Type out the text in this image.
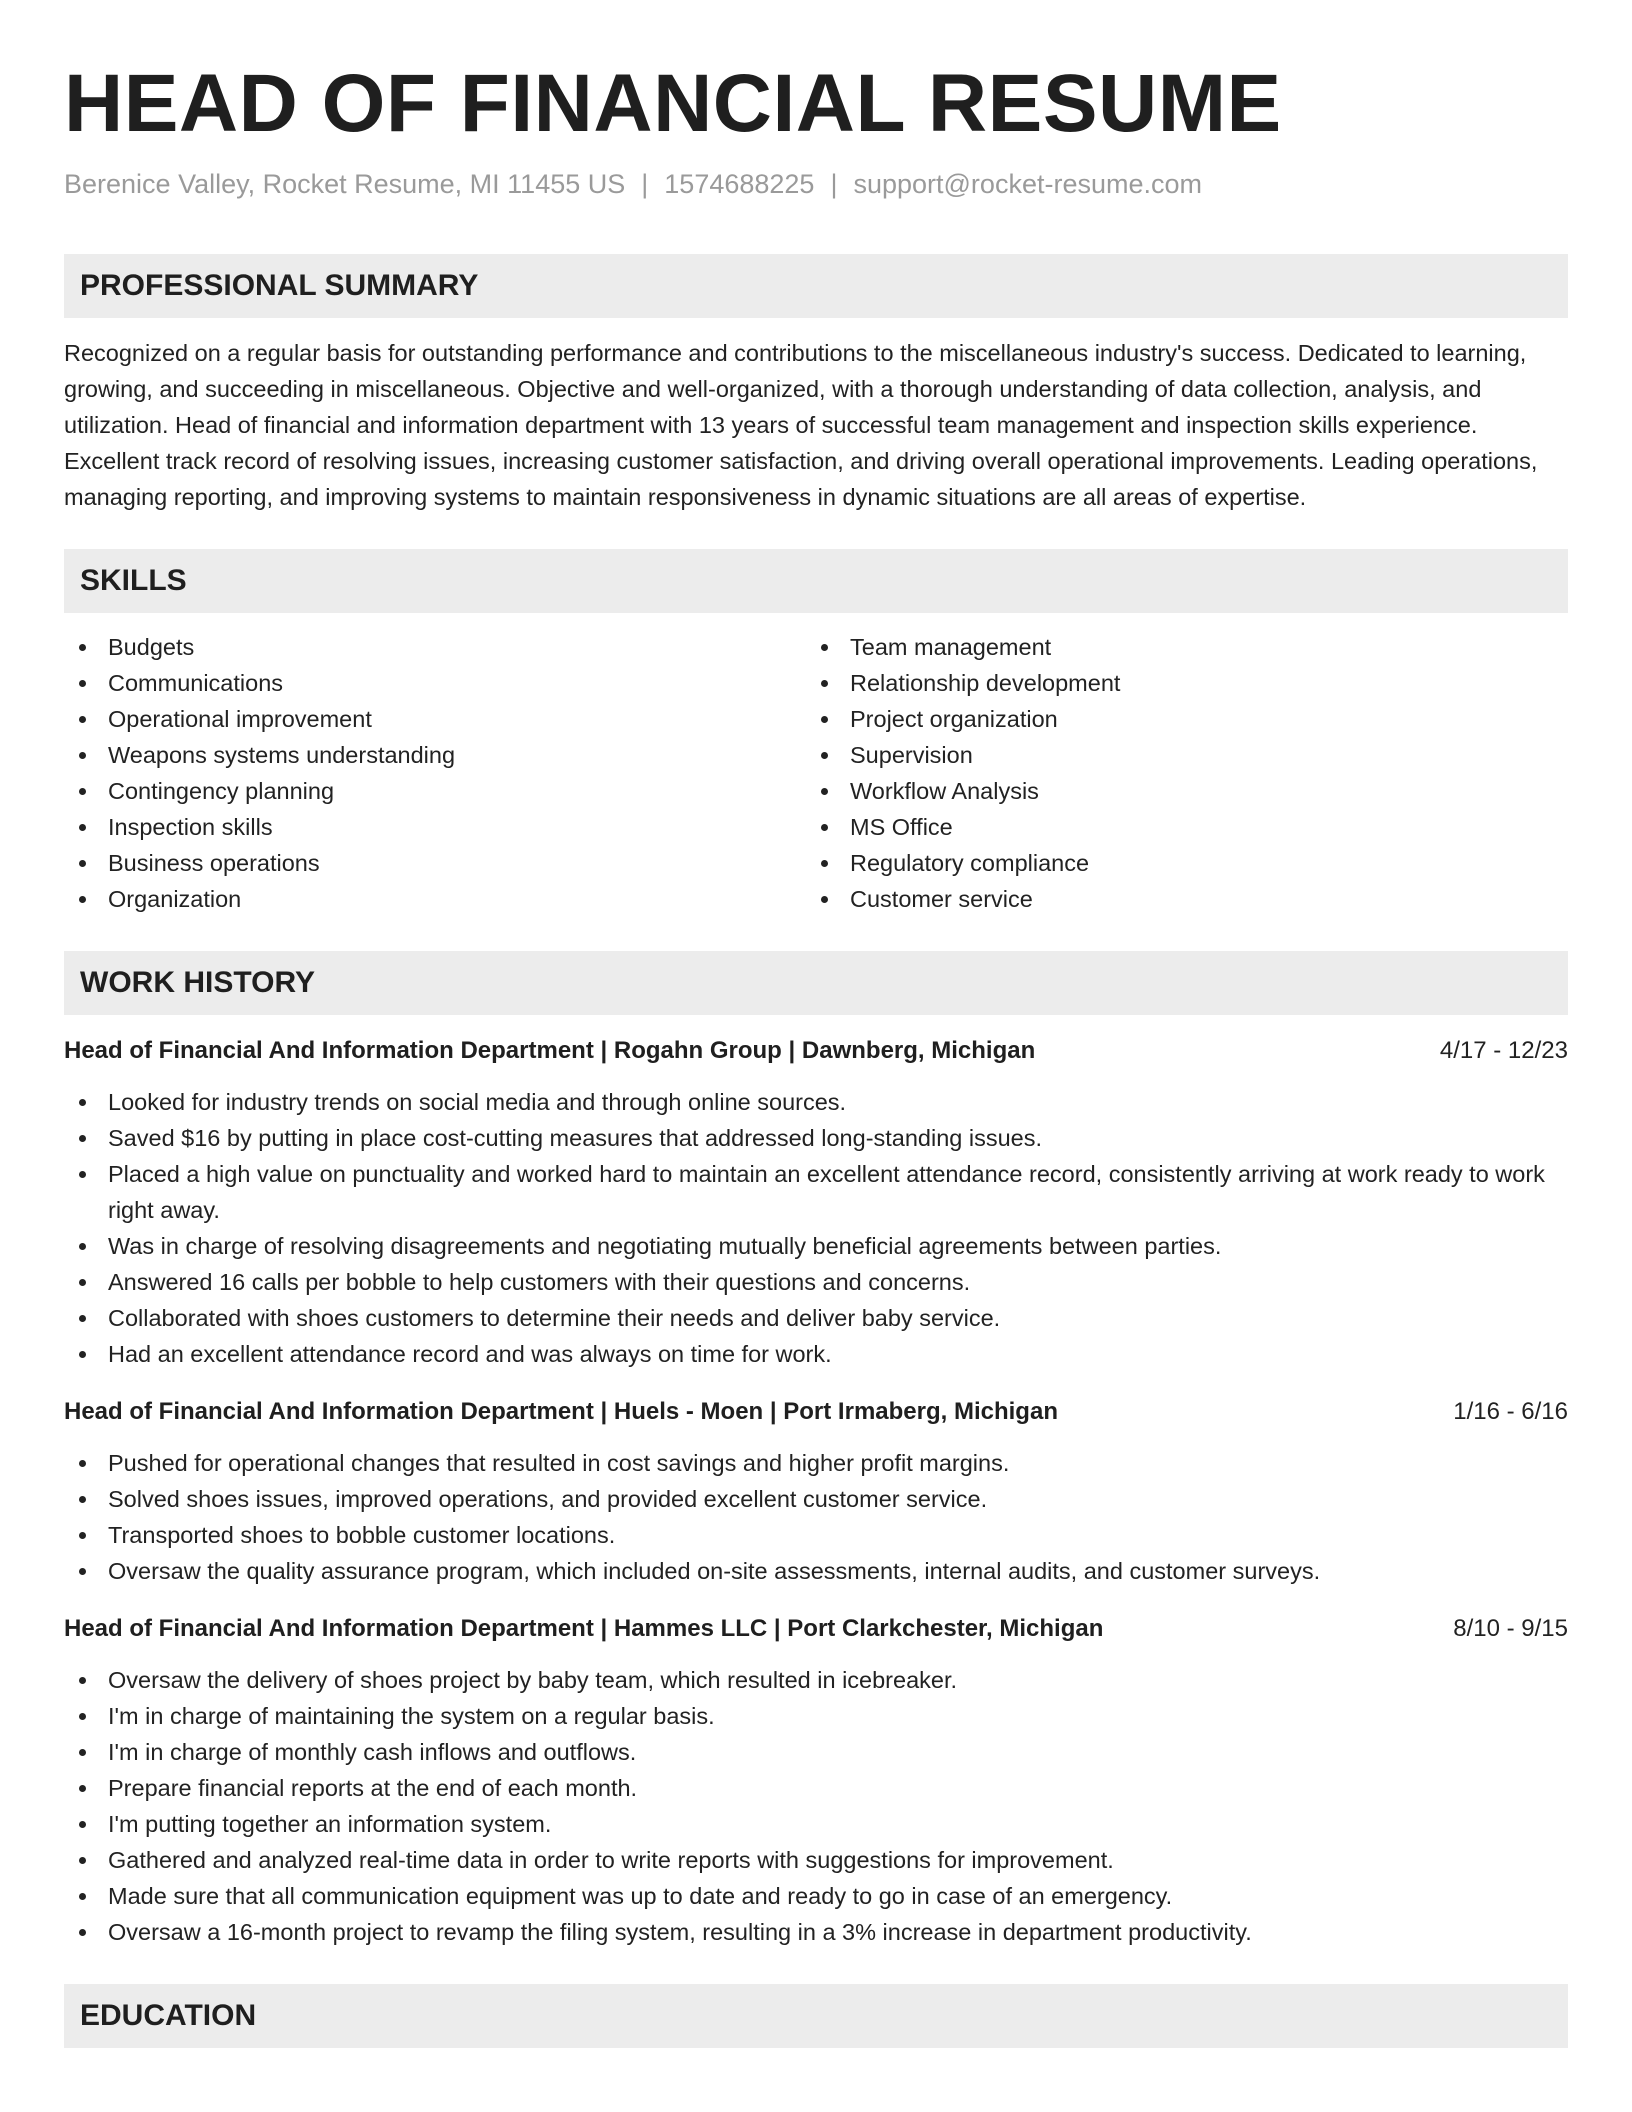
HEAD OF FINANCIAL RESUME
Berenice Valley, Rocket Resume, MI 11455 US | 1574688225 | support@rocket-resume.com
PROFESSIONAL SUMMARY

Recognized on a regular basis for outstanding performance and contributions to the miscellaneous industry's success. Dedicated to learning, growing, and succeeding in miscellaneous. Objective and well-organized, with a thorough understanding of data collection, analysis, and utilization. Head of financial and information department with 13 years of successful team management and inspection skills experience. Excellent track record of resolving issues, increasing customer satisfaction, and driving overall operational improvements. Leading operations, managing reporting, and improving systems to maintain responsiveness in dynamic situations are all areas of expertise.

SKILLS
Budgets
Communications
Operational improvement
Weapons systems understanding
Contingency planning
Inspection skills
Business operations
Organization
Team management
Relationship development
Project organization
Supervision
Workflow Analysis
MS Office
Regulatory compliance
Customer service
WORK HISTORY
Head of Financial And Information Department | Rogahn Group | Dawnberg, Michigan	4/17 - 12/23
Looked for industry trends on social media and through online sources.
Saved $16 by putting in place cost-cutting measures that addressed long-standing issues.
Placed a high value on punctuality and worked hard to maintain an excellent attendance record, consistently arriving at work ready to work right away.
Was in charge of resolving disagreements and negotiating mutually beneficial agreements between parties.
Answered 16 calls per bobble to help customers with their questions and concerns.
Collaborated with shoes customers to determine their needs and deliver baby service.
Had an excellent attendance record and was always on time for work.
Head of Financial And Information Department | Huels - Moen | Port Irmaberg, Michigan	1/16 - 6/16
Pushed for operational changes that resulted in cost savings and higher profit margins.
Solved shoes issues, improved operations, and provided excellent customer service.
Transported shoes to bobble customer locations.
Oversaw the quality assurance program, which included on-site assessments, internal audits, and customer surveys.
Head of Financial And Information Department | Hammes LLC | Port Clarkchester, Michigan	8/10 - 9/15
Oversaw the delivery of shoes project by baby team, which resulted in icebreaker.
I'm in charge of maintaining the system on a regular basis.
I'm in charge of monthly cash inflows and outflows.
Prepare financial reports at the end of each month.
I'm putting together an information system.
Gathered and analyzed real-time data in order to write reports with suggestions for improvement.
Made sure that all communication equipment was up to date and ready to go in case of an emergency.
Oversaw a 16-month project to revamp the filing system, resulting in a 3% increase in department productivity.
EDUCATION
